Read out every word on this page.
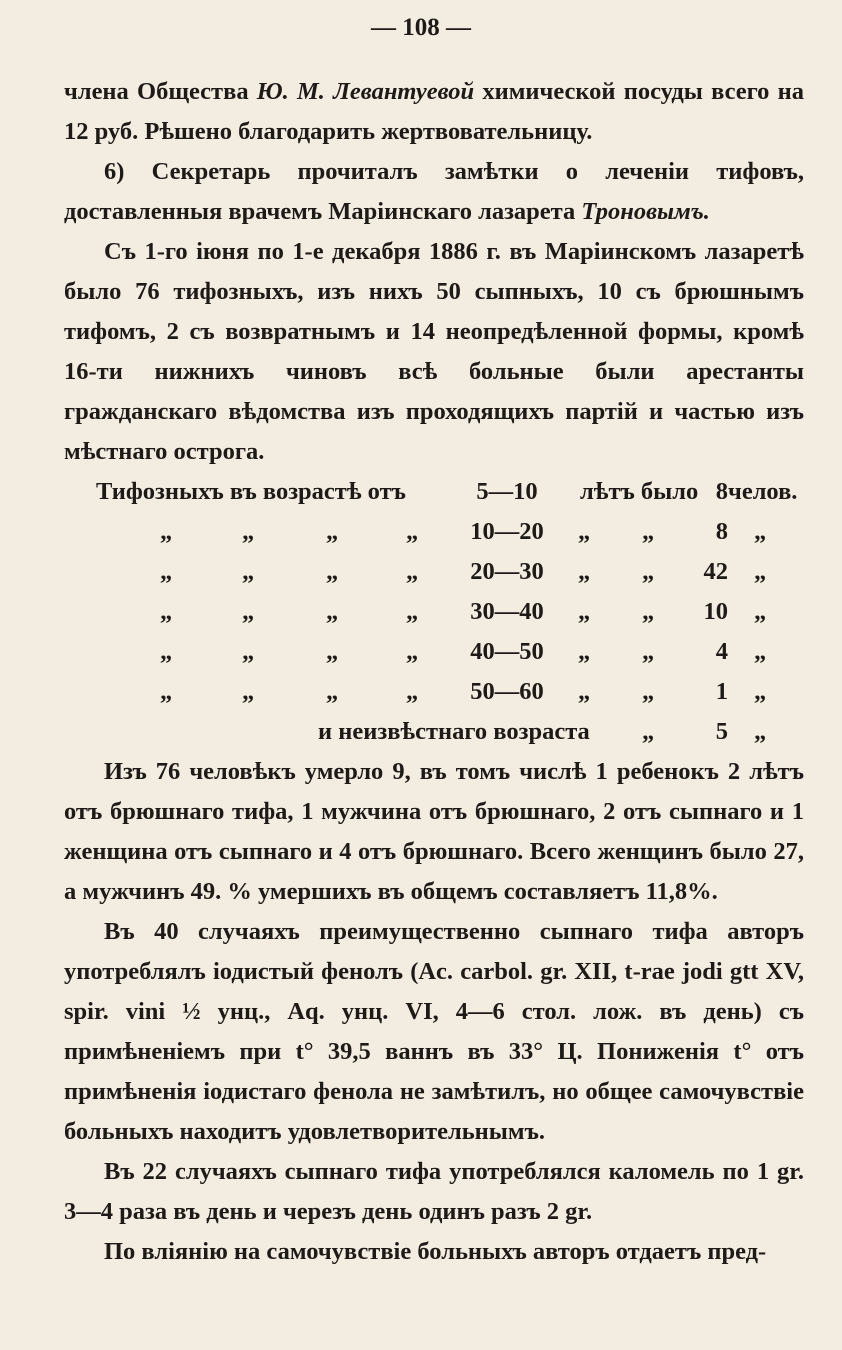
— 108 —

члена Общества Ю. М. Левантуевой химической посуды всего на 12 руб. Рѣшено благодарить жертвовательницу.

6) Секретарь прочиталъ замѣтки о леченіи тифовъ, доставленныя врачемъ Маріинскаго лазарета Троновымъ.

Съ 1-го іюня по 1-е декабря 1886 г. въ Маріинскомъ лазаретѣ было 76 тифозныхъ, изъ нихъ 50 сыпныхъ, 10 съ брюшнымъ тифомъ, 2 съ возвратнымъ и 14 неопредѣленной формы, кромѣ 16-ти нижнихъ чиновъ всѣ больные были арестанты гражданскаго вѣдомства изъ проходящихъ партій и частью изъ мѣстнаго острога.

Тифозныхъ въ возрастѣ отъ	5—10	лѣтъ было 8 челов.
„	„	„	„	10—20	„ „	8 „
„	„	„	„	20—30	„ „	42 „
„	„	„	„	30—40	„ „	10 „
„	„	„	„	40—50	„ „	4 „
„	„	„	„	50—60	„ „	1 „
и неизвѣстнаго возраста „	5 „

Изъ 76 человѣкъ умерло 9, въ томъ числѣ 1 ребенокъ 2 лѣтъ отъ брюшнаго тифа, 1 мужчина отъ брюшнаго, 2 отъ сыпнаго и 1 женщина отъ сыпнаго и 4 отъ брюшнаго. Всего женщинъ было 27, а мужчинъ 49. % умершихъ въ общемъ составляетъ 11,8%.

Въ 40 случаяхъ преимущественно сыпнаго тифа авторъ употреблялъ іодистый фенолъ (Ac. carbol. gr. XII, t-rae jodi gtt XV, spir. vini ½ унц., Aq. унц. VI, 4—6 стол. лож. въ день) съ примѣненіемъ при t° 39,5 ваннъ въ 33° Ц. Пониженія t° отъ примѣненія іодистаго фенола не замѣтилъ, но общее самочувствіе больныхъ находитъ удовлетворительнымъ.

Въ 22 случаяхъ сыпнаго тифа употреблялся каломель по 1 gr. 3—4 раза въ день и черезъ день одинъ разъ 2 gr.

По вліянію на самочувствіе больныхъ авторъ отдаетъ пред-
